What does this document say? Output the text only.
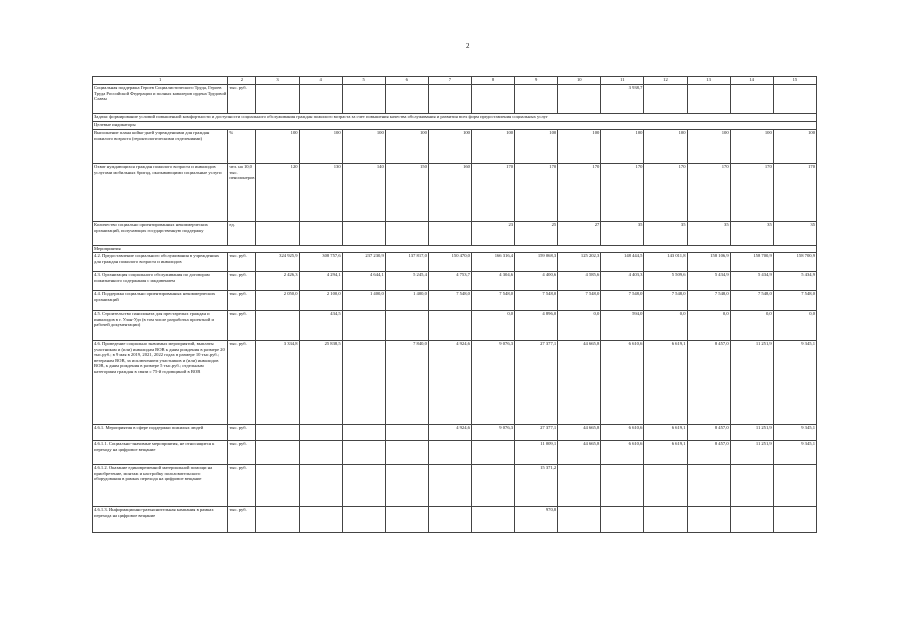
2
1	2	3	4	5	6	7	8	9	10	11	12	13	14	15
Социальная поддержка Героев Социалистического Труда, Героев Труда Российской Федерации и полных кавалеров ордена Трудовой Славы	тыс. руб.									3 938,7				
Задача: формирование условий повышенной комфортности и доступности социального обслуживания граждан пожилого возраста за счет повышения качества обслуживания и развития всех форм предоставления социальных услуг														
Целевые индикаторы														
Выполнение плана койко-дней учреждениями для граждан пожилого возраста (геронтологическими отделениями)	%	100	100	100	100	100	100	100	100	100	100	100	100	100
Охват нуждающихся граждан пожилого возраста и инвалидов услугами мобильных бригад, оказывающими социальные услуги	чел. на 10,0 тыс. пенсионеров	120	130	140	150	160	170	170	170	170	170	170	170	170
Количество социально ориентированных некоммерческих организаций, получающих государственную поддержку	ед.						23	25	27	35	35	35	35	35
Мероприятия														
4.2. Предоставление социального обслуживания в учреждениях для граждан пожилого возраста и инвалидов	тыс. руб.	324 925,9	308 757,6	237 230,9	137 817,0	150 470,0	166 316,4	159 068,3	125 202,3	148 444,5	143 011,8	158 106,9	158 700,9	158 700,9
4.3. Организация социального обслуживания по договорам пожизненного содержания с иждивением	тыс. руб.	2 426,3	4 294,1	4 644,1	5 245,4	4 753,7	4 304,6	4 400,6	4 585,6	4 403,3	5 509,6	5 434,9	5 434,9	5 434,9
4.4. Поддержка социально ориентированных некоммерческих организаций	тыс. руб.	2 050,0	2 100,0	1 400,0	1 400,0	7 548,0	7 548,0	7 548,0	7 548,0	7 548,0	7 548,0	7 548,0	7 548,0	7 548,0
4.5. Строительство пансионата для престарелых граждан и инвалидов в г. Улан-Удэ (в том числе разработка проектной и рабочей документации)	тыс. руб.		434,5				0,0	4 896,0	0,0	594,0	0,0	0,0	0,0	0,0
4.6. Проведение социально значимых мероприятий, выплаты участникам и (или) инвалидам ВОВ к дням рождения в размере 20 тыс.руб.; в 9 мая в 2019, 2021, 2022 годах в размере 10 тыс.руб.; ветеранам ВОВ, за исключением участников и (или) инвалидов ВОВ, к дням рождения в размере 5 тыс.руб.; отдельным категориям граждан в связи с 75-й годовщиной в ВОВ	тыс. руб.	3 334,8	25 838,5		7 840,0	4 924,6	9 076,3	27 377,1	44 665,8	6 610,6	6 619,1	8 457,0	11 251,9	9 345,1
4.6.1. Мероприятия в сфере поддержки пожилых людей	тыс. руб.					4 924,6	9 076,3	27 377,1	44 665,8	6 610,6	6 619,1	8 457,0	11 251,9	9 345,1
4.6.1.1. Социально-значимые мероприятия, не относящиеся к переходу на цифровое вещание	тыс. руб.							11 009,1	44 665,8	6 610,6	6 619,1	8 457,0	11 251,9	9 345,1
4.6.1.2. Оказание единовременной материальной помощи на приобретение, монтаж и настройку пользовательского оборудования в рамках перехода на цифровое вещание	тыс. руб.							15 371,2						
4.6.1.3. Информационно-разъяснительная кампания в рамках перехода на цифровое вещание	тыс. руб.							970,8						
